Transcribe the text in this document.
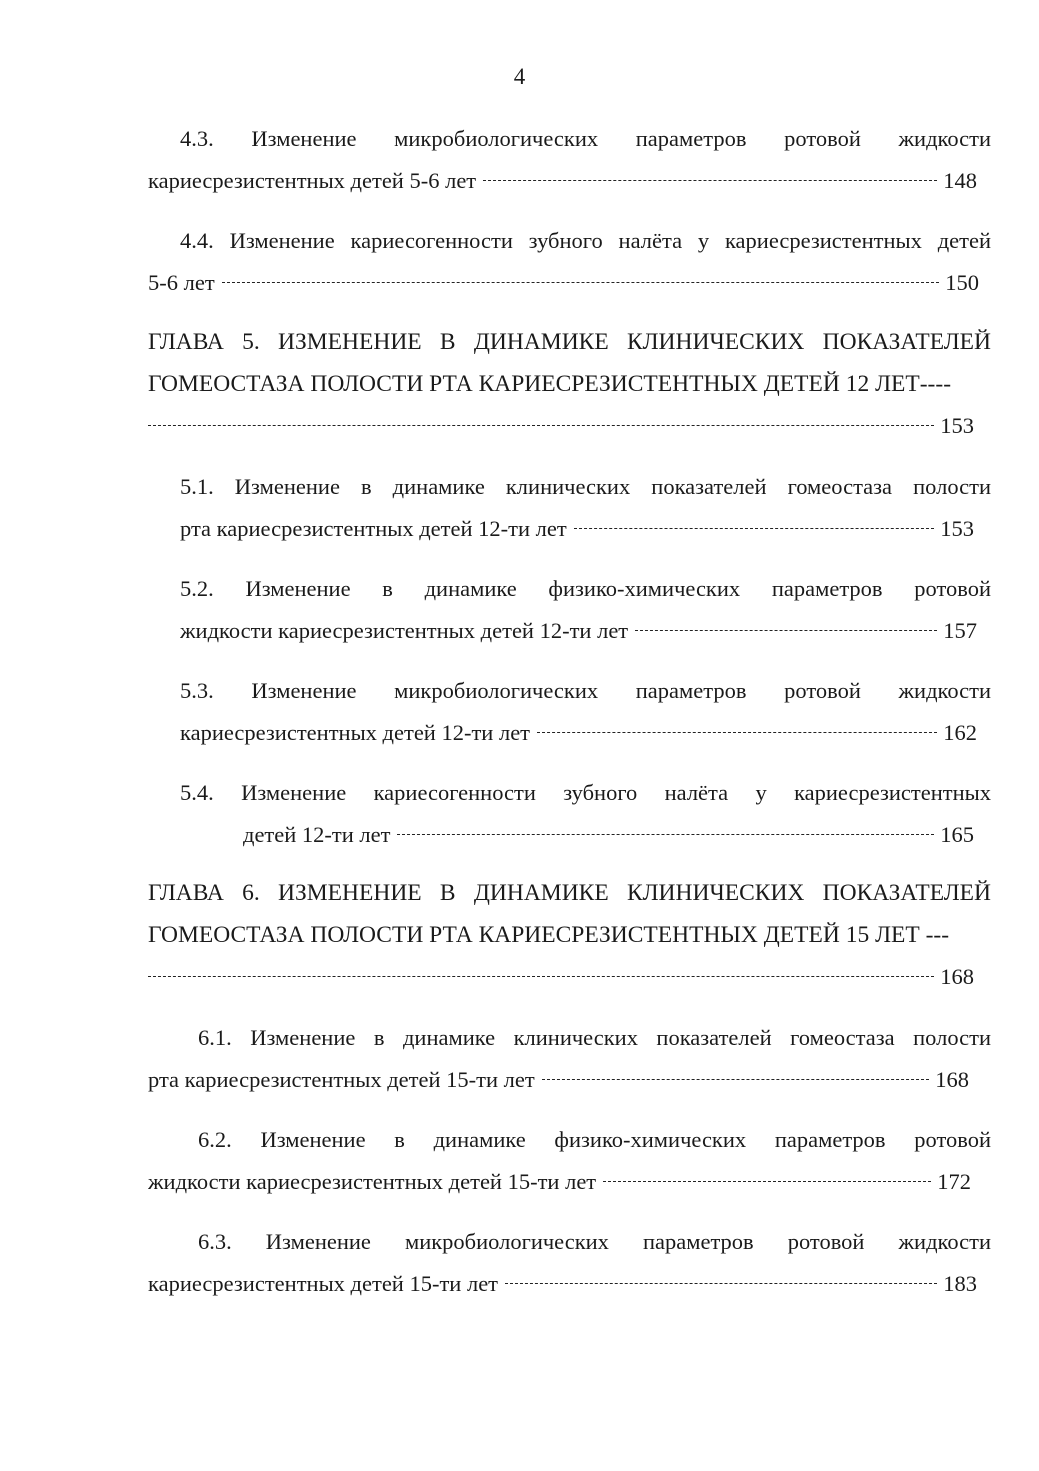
4
4.3. Изменение микробиологических параметров ротовой жидкости
кариесрезистентных детей 5-6 лет	148
4.4. Изменение кариесогенности зубного налёта у кариесрезистентных детей
5-6 лет	150
ГЛАВА 5. ИЗМЕНЕНИЕ В ДИНАМИКЕ КЛИНИЧЕСКИХ ПОКАЗАТЕЛЕЙ
ГОМЕОСТАЗА ПОЛОСТИ РТА КАРИЕСРЕЗИСТЕНТНЫХ ДЕТЕЙ 12 ЛЕТ----
153
5.1. Изменение в динамике клинических показателей гомеостаза полости
рта кариесрезистентных детей 12-ти лет	153
5.2. Изменение в динамике физико-химических параметров ротовой
жидкости кариесрезистентных детей 12-ти лет	157
5.3. Изменение микробиологических параметров ротовой жидкости
кариесрезистентных детей 12-ти лет	162
5.4. Изменение кариесогенности зубного налёта у кариесрезистентных
детей 12-ти лет	165
ГЛАВА 6. ИЗМЕНЕНИЕ В ДИНАМИКЕ КЛИНИЧЕСКИХ ПОКАЗАТЕЛЕЙ
ГОМЕОСТАЗА ПОЛОСТИ РТА КАРИЕСРЕЗИСТЕНТНЫХ ДЕТЕЙ 15 ЛЕТ ---
168
6.1. Изменение в динамике клинических показателей гомеостаза полости
рта кариесрезистентных детей 15-ти лет	168
6.2. Изменение в динамике физико-химических параметров ротовой
жидкости кариесрезистентных детей 15-ти лет	172
6.3. Изменение микробиологических параметров ротовой жидкости
кариесрезистентных детей 15-ти лет	183
